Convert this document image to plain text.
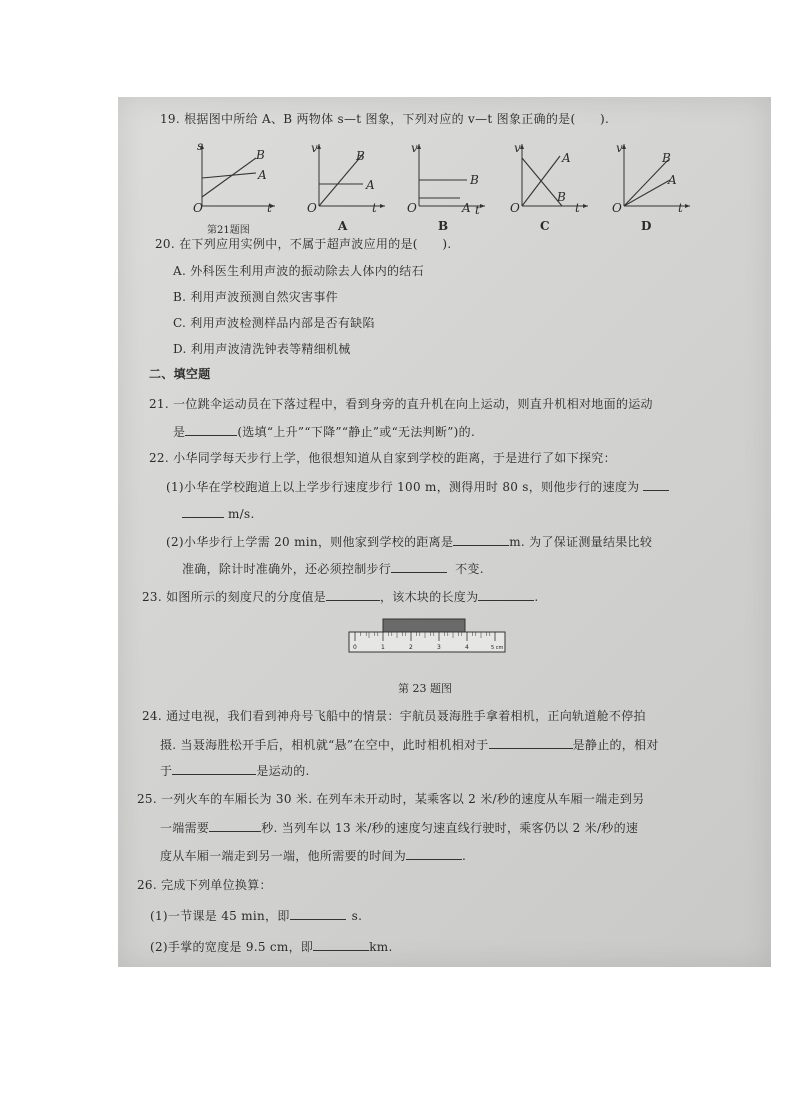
19. 根据图中所给 A、B 两物体 s—t 图象，下列对应的 v—t 图象正确的是(　　).
s
t
O
B
A
第21题图
v
t
O
B
A
A
v
t
O
B
A
B
v
t
O
A
B
C
v
t
O
B
A
D
20. 在下列应用实例中，不属于超声波应用的是(　　).
A. 外科医生利用声波的振动除去人体内的结石
B. 利用声波预测自然灾害事件
C. 利用声波检测样品内部是否有缺陷
D. 利用声波清洗钟表等精细机械
二、填空题
21. 一位跳伞运动员在下落过程中，看到身旁的直升机在向上运动，则直升机相对地面的运动
是	(选填“上升”“下降”“静止”或“无法判断”)的.
22. 小华同学每天步行上学，他很想知道从自家到学校的距离，于是进行了如下探究：
(1)小华在学校跑道上以上学步行速度步行 100 m，测得用时 80 s，则他步行的速度为
m/s.
(2)小华步行上学需 20 min，则他家到学校的距离是	m. 为了保证测量结果比较
准确，除计时准确外，还必须控制步行	不变.
23. 如图所示的刻度尺的分度值是	，该木块的长度为	.
0	1	2	3	4	5 cm
第 23 题图
24. 通过电视，我们看到神舟号飞船中的情景：宇航员聂海胜手拿着相机，正向轨道舱不停拍
摄. 当聂海胜松开手后，相机就“悬”在空中，此时相机相对于	是静止的，相对
于	是运动的.
25. 一列火车的车厢长为 30 米. 在列车未开动时，某乘客以 2 米/秒的速度从车厢一端走到另
一端需要	秒. 当列车以 13 米/秒的速度匀速直线行驶时，乘客仍以 2 米/秒的速
度从车厢一端走到另一端，他所需要的时间为	.
26. 完成下列单位换算：
(1)一节课是 45 min，即	s.
(2)手掌的宽度是 9.5 cm，即	km.
